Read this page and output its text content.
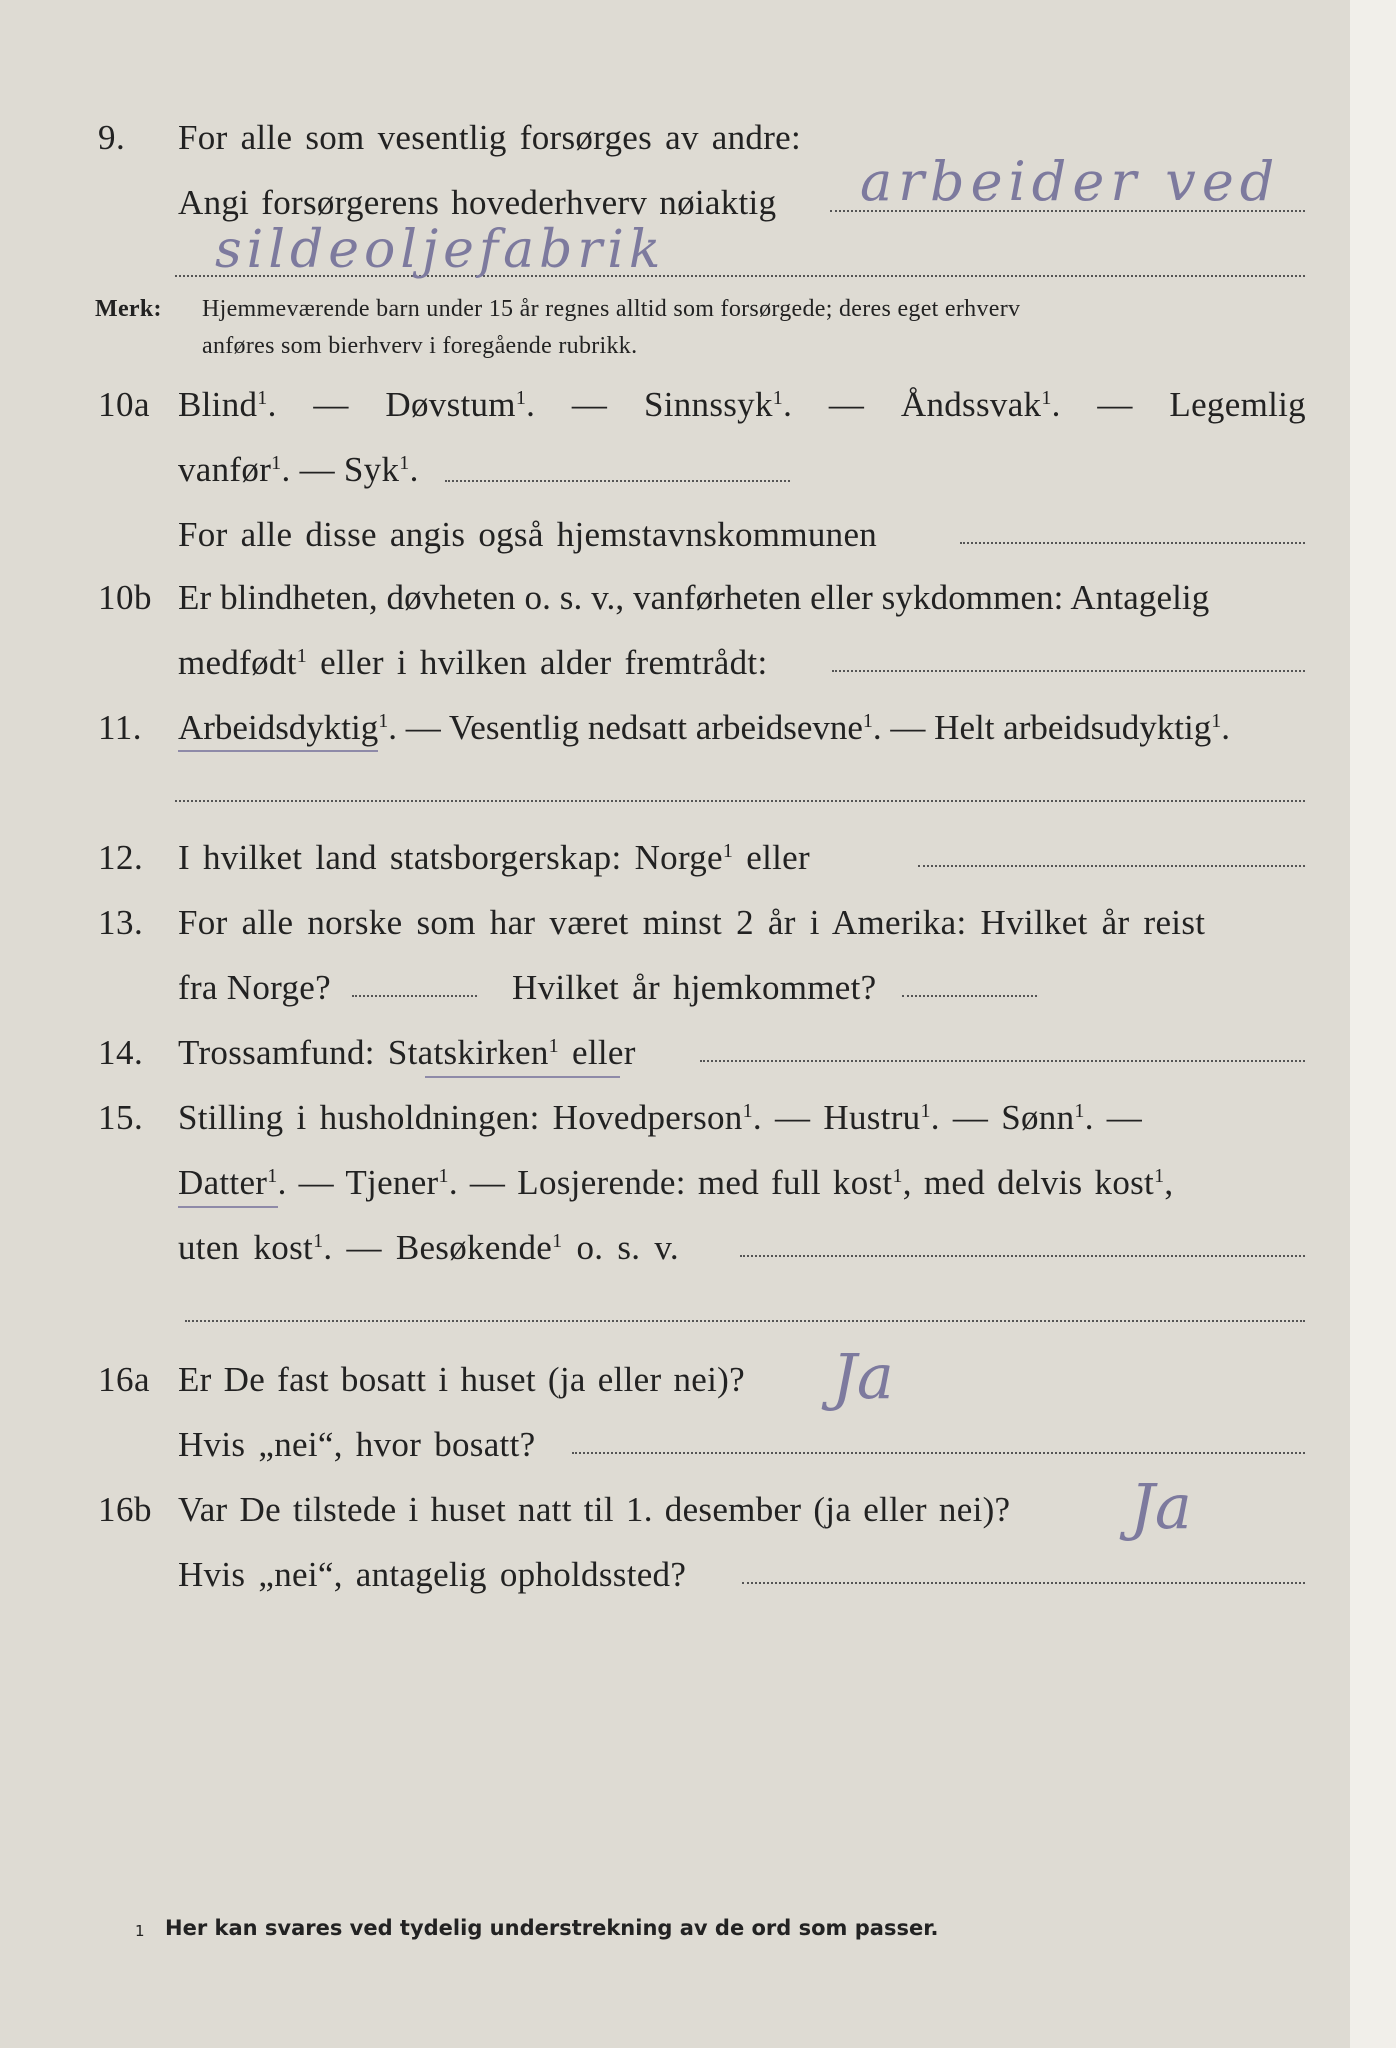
9. For alle som vesentlig forsørges av andre:
Angi forsørgerens hovederhverv nøiaktig arbeider ved
sildeoljefabrik
Merk: Hjemmeværende barn under 15 år regnes alltid som forsørgede; deres eget erhverv
anføres som bierhverv i foregående rubrikk.
10a Blind$^1$. — Døvstum$^1$. — Sinnssyk$^1$. — Åndssvak$^1$. — Legemlig
vanfør$^1$. — Syk$^1$.
For alle disse angis også hjemstavnskommunen
10b Er blindheten, døvheten o. s. v., vanførheten eller sykdommen: Antagelig
medfødt$^1$ eller i hvilken alder fremtrådt:
11. Arbeidsdyktig$^1$. — Vesentlig nedsatt arbeidsevne$^1$. — Helt arbeidsudyktig$^1$.
12. I hvilket land statsborgerskap: Norge$^1$ eller
13. For alle norske som har været minst 2 år i Amerika: Hvilket år reist
fra Norge?	Hvilket år hjemkommet?
14. Trossamfund: Statskirken$^1$ eller
15. Stilling i husholdningen: Hovedperson$^1$. — Hustru$^1$. — Sønn$^1$. —
Datter$^1$. — Tjener$^1$. — Losjerende: med full kost$^1$, med delvis kost$^1$,
uten kost$^1$. — Besøkende$^1$ o. s. v.
16a Er De fast bosatt i huset (ja eller nei)? Ja
Hvis „nei“, hvor bosatt?
16b Var De tilstede i huset natt til 1. desember (ja eller nei)? Ja
Hvis „nei“, antagelig opholdssted?
1 Her kan svares ved tydelig understrekning av de ord som passer.
